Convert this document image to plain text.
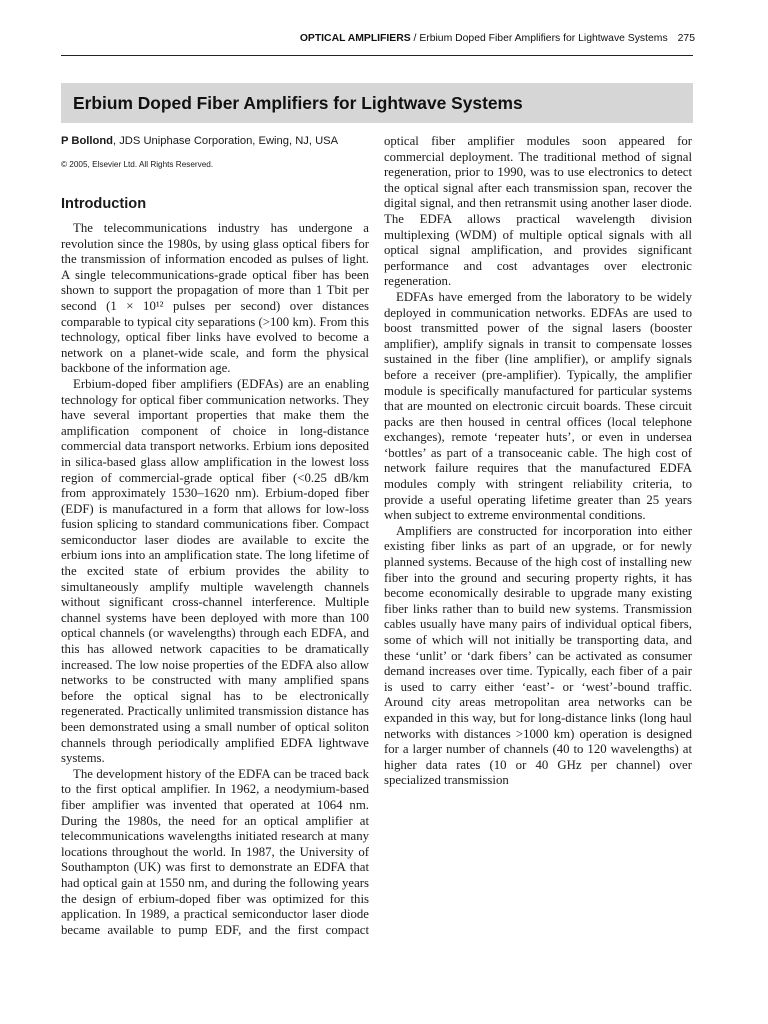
OPTICAL AMPLIFIERS / Erbium Doped Fiber Amplifiers for Lightwave Systems 275
Erbium Doped Fiber Amplifiers for Lightwave Systems
P Bollond, JDS Uniphase Corporation, Ewing, NJ, USA
© 2005, Elsevier Ltd. All Rights Reserved.
Introduction

The telecommunications industry has undergone a revolution since the 1980s, by using glass optical fibers for the transmission of information encoded as pulses of light. A single telecommunications-grade optical fiber has been shown to support the propagation of more than 1 Tbit per second (1 × 10¹² pulses per second) over distances comparable to typical city separations (>100 km). From this technology, optical fiber links have evolved to become a network on a planet-wide scale, and form the physical backbone of the information age.

Erbium-doped fiber amplifiers (EDFAs) are an enabling technology for optical fiber communication networks. They have several important properties that make them the amplification component of choice in long-distance commercial data transport networks. Erbium ions deposited in silica-based glass allow amplification in the lowest loss region of commercial-grade optical fiber (<0.25 dB/km from approximately 1530–1620 nm). Erbium-doped fiber (EDF) is manufactured in a form that allows for low-loss fusion splicing to standard communications fiber. Compact semiconductor laser diodes are available to excite the erbium ions into an amplification state. The long lifetime of the excited state of erbium provides the ability to simultaneously amplify multiple wavelength channels without significant cross-channel interference. Multiple channel systems have been deployed with more than 100 optical channels (or wavelengths) through each EDFA, and this has allowed network capacities to be dramatically increased. The low noise properties of the EDFA also allow networks to be constructed with many amplified spans before the optical signal has to be electronically regenerated. Practically unlimited transmission distance has been demonstrated using a small number of optical soliton channels through periodically amplified EDFA lightwave systems.

The development history of the EDFA can be traced back to the first optical amplifier. In 1962, a neodymium-based fiber amplifier was invented that operated at 1064 nm. During the 1980s, the need for an optical amplifier at telecommunications wavelengths initiated research at many locations throughout the world. In 1987, the University of Southampton (UK) was first to demonstrate an EDFA that had optical gain at 1550 nm, and during the following years the design of erbium-doped fiber was optimized for this application. In 1989, a practical semiconductor laser diode became available to pump EDF, and the first compact

optical fiber amplifier modules soon appeared for commercial deployment. The traditional method of signal regeneration, prior to 1990, was to use electronics to detect the optical signal after each transmission span, recover the digital signal, and then retransmit using another laser diode. The EDFA allows practical wavelength division multiplexing (WDM) of multiple optical signals with all optical signal amplification, and provides significant performance and cost advantages over electronic regeneration.

EDFAs have emerged from the laboratory to be widely deployed in communication networks. EDFAs are used to boost transmitted power of the signal lasers (booster amplifier), amplify signals in transit to compensate losses sustained in the fiber (line amplifier), or amplify signals before a receiver (pre-amplifier). Typically, the amplifier module is specifically manufactured for particular systems that are mounted on electronic circuit boards. These circuit packs are then housed in central offices (local telephone exchanges), remote ‘repeater huts’, or even in undersea ‘bottles’ as part of a transoceanic cable. The high cost of network failure requires that the manufactured EDFA modules comply with stringent reliability criteria, to provide a useful operating lifetime greater than 25 years when subject to extreme environmental conditions.

Amplifiers are constructed for incorporation into either existing fiber links as part of an upgrade, or for newly planned systems. Because of the high cost of installing new fiber into the ground and securing property rights, it has become economically desirable to upgrade many existing fiber links rather than to build new systems. Transmission cables usually have many pairs of individual optical fibers, some of which will not initially be transporting data, and these ‘unlit’ or ‘dark fibers’ can be activated as consumer demand increases over time. Typically, each fiber of a pair is used to carry either ‘east’- or ‘west’-bound traffic. Around city areas metropolitan area networks can be expanded in this way, but for long-distance links (long haul networks with distances >1000 km) operation is designed for a larger number of channels (40 to 120 wavelengths) at higher data rates (10 or 40 GHz per channel) over specialized transmission
